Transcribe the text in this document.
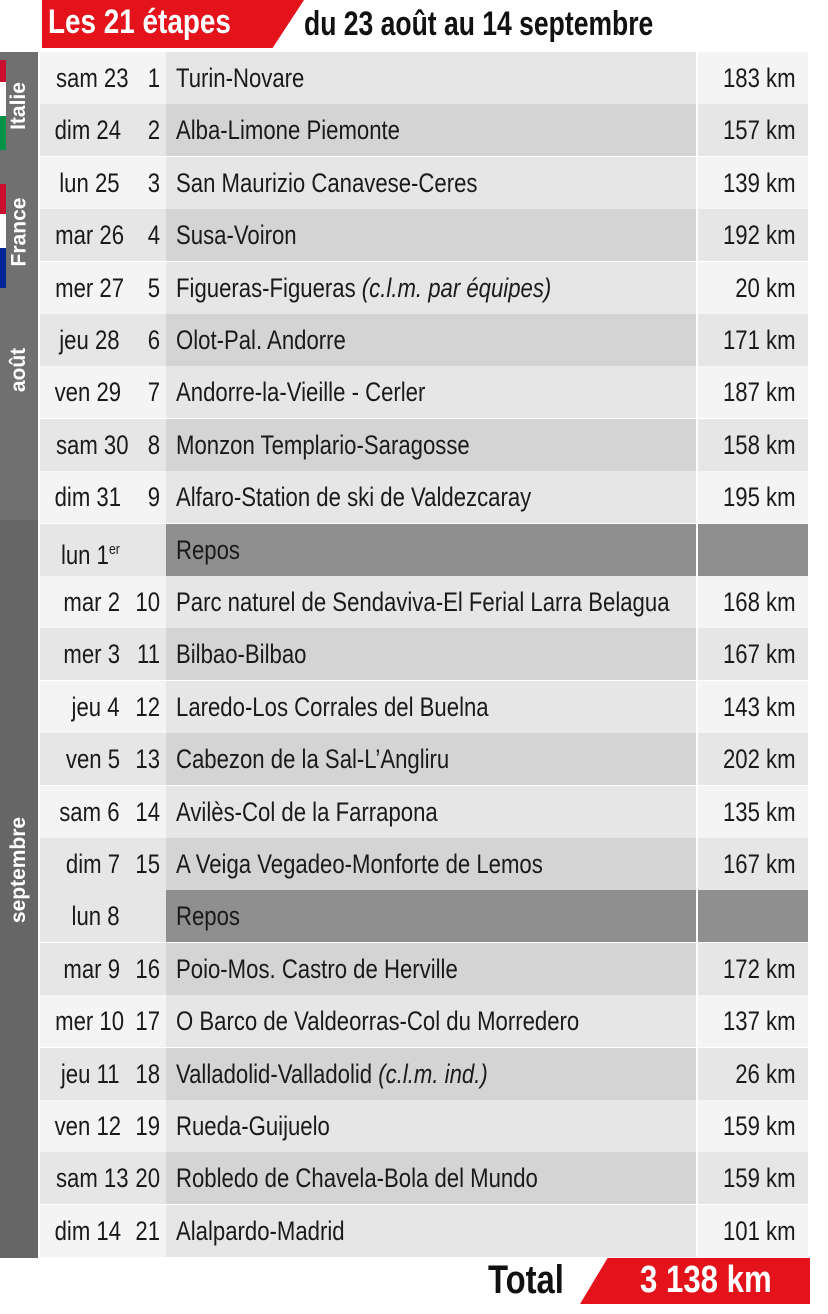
Les 21 étapes du 23 août au 14 septembre
Italie
France
août
septembre
sam 23 1 Turin-Novare	183 km
dim 24 2 Alba-Limone Piemonte	157 km
lun 25	3 San Maurizio Canavese-Ceres	139 km
mar 26 4 Susa-Voiron	192 km
mer 27 5 Figueras-Figueras (c.l.m. par équipes)	20 km
jeu 28	6 Olot-Pal. Andorre	171 km
ven 29 7 Andorre-la-Vieille - Cerler	187 km
sam 30 8 Monzon Templario-Saragosse	158 km
dim 31 9 Alfaro-Station de ski de Valdezcaray	195 km
lun 1er Repos
mar 2 10 Parc naturel de Sendaviva-El Ferial Larra Belagua	168 km
mer 3 11 Bilbao-Bilbao	167 km
jeu 4 12 Laredo-Los Corrales del Buelna	143 km
ven 5 13 Cabezon de la Sal-L’Angliru	202 km
sam 6 14 Avilès-Col de la Farrapona	135 km
dim 7 15 A Veiga Vegadeo-Monforte de Lemos	167 km
lun 8 Repos
mar 9 16 Poio-Mos. Castro de Herville	172 km
mer 10 17 O Barco de Valdeorras-Col du Morredero	137 km
jeu 11 18 Valladolid-Valladolid (c.l.m. ind.)	26 km
ven 12 19 Rueda-Guijuelo	159 km
sam 13 20 Robledo de Chavela-Bola del Mundo	159 km
dim 14 21 Alalpardo-Madrid	101 km
Total 3 138 km
